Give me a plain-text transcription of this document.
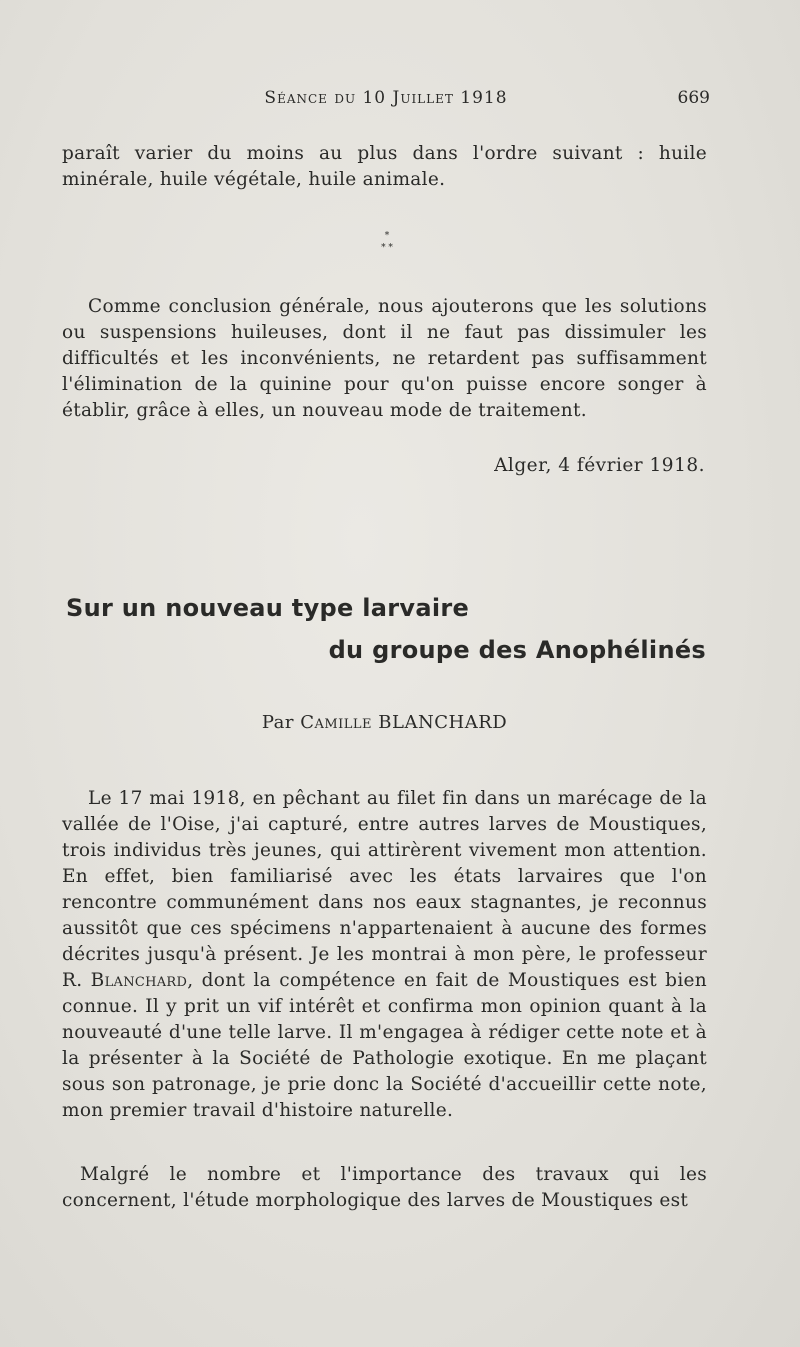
Séance du 10 Juillet 1918	669

paraît varier du moins au plus dans l'ordre suivant : huile minérale, huile végétale, huile animale.

*
* *

Comme conclusion générale, nous ajouterons que les solutions ou suspensions huileuses, dont il ne faut pas dissimuler les difficultés et les inconvénients, ne retardent pas suffisamment l'élimination de la quinine pour qu'on puisse encore songer à établir, grâce à elles, un nouveau mode de traitement.

Alger, 4 février 1918.
Sur un nouveau type larvaire
du groupe des Anophélinés
Par Camille BLANCHARD

Le 17 mai 1918, en pêchant au filet fin dans un marécage de la vallée de l'Oise, j'ai capturé, entre autres larves de Moustiques, trois individus très jeunes, qui attirèrent vivement mon attention. En effet, bien familiarisé avec les états larvaires que l'on rencontre communément dans nos eaux stagnantes, je reconnus aussitôt que ces spécimens n'appartenaient à aucune des formes décrites jusqu'à présent. Je les montrai à mon père, le professeur R. Blanchard, dont la compétence en fait de Moustiques est bien connue. Il y prit un vif intérêt et confirma mon opinion quant à la nouveauté d'une telle larve. Il m'engagea à rédiger cette note et à la présenter à la Société de Pathologie exotique. En me plaçant sous son patronage, je prie donc la Société d'accueillir cette note, mon premier travail d'histoire naturelle.

Malgré le nombre et l'importance des travaux qui les concernent, l'étude morphologique des larves de Moustiques est
